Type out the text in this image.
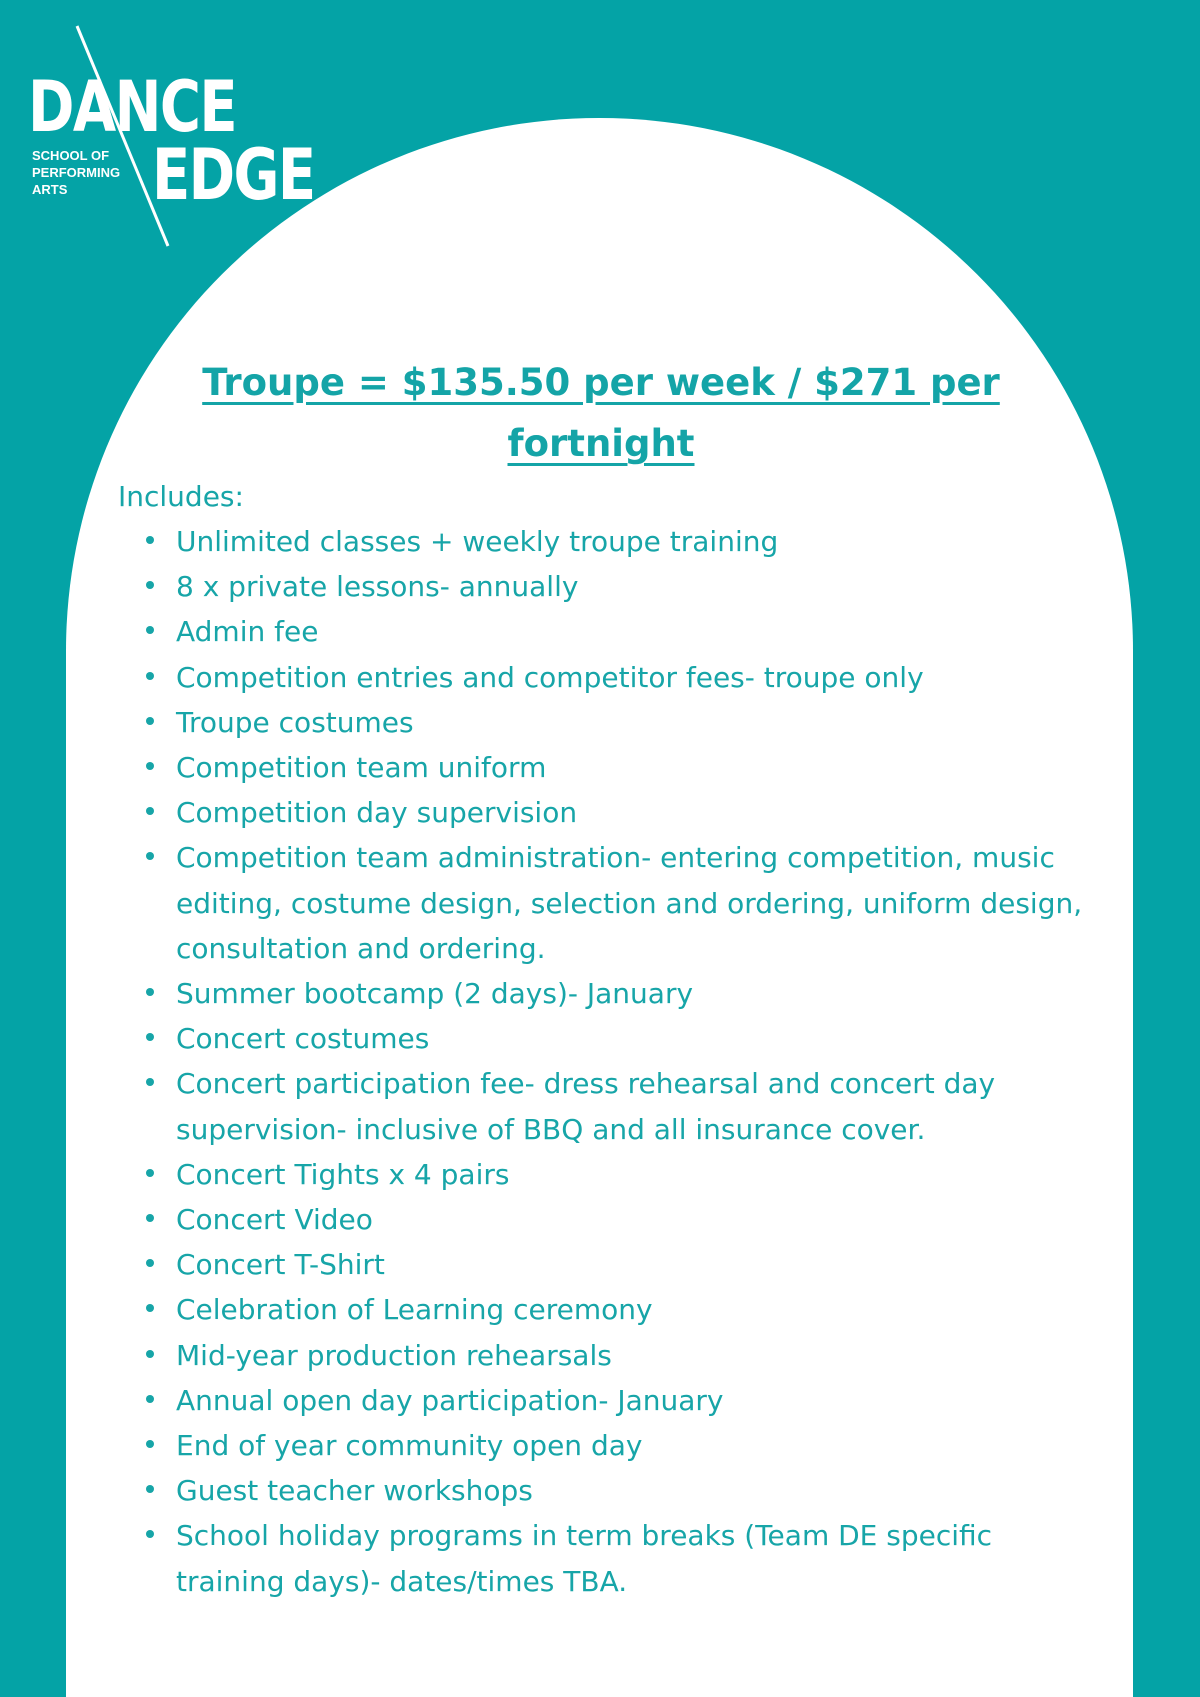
DANCE
EDGE
SCHOOL OF
PERFORMING
ARTS
Troupe = $135.50 per week / $271 per fortnight

Includes:

Unlimited classes + weekly troupe training
8 x private lessons- annually
Admin fee
Competition entries and competitor fees- troupe only
Troupe costumes
Competition team uniform
Competition day supervision
Competition team administration- entering competition, music editing, costume design, selection and ordering, uniform design, consultation and ordering.
Summer bootcamp (2 days)- January
Concert costumes
Concert participation fee- dress rehearsal and concert day supervision- inclusive of BBQ and all insurance cover.
Concert Tights x 4 pairs
Concert Video
Concert T-Shirt
Celebration of Learning ceremony
Mid-year production rehearsals
Annual open day participation- January
End of year community open day
Guest teacher workshops
School holiday programs in term breaks (Team DE specific training days)- dates/times TBA.
